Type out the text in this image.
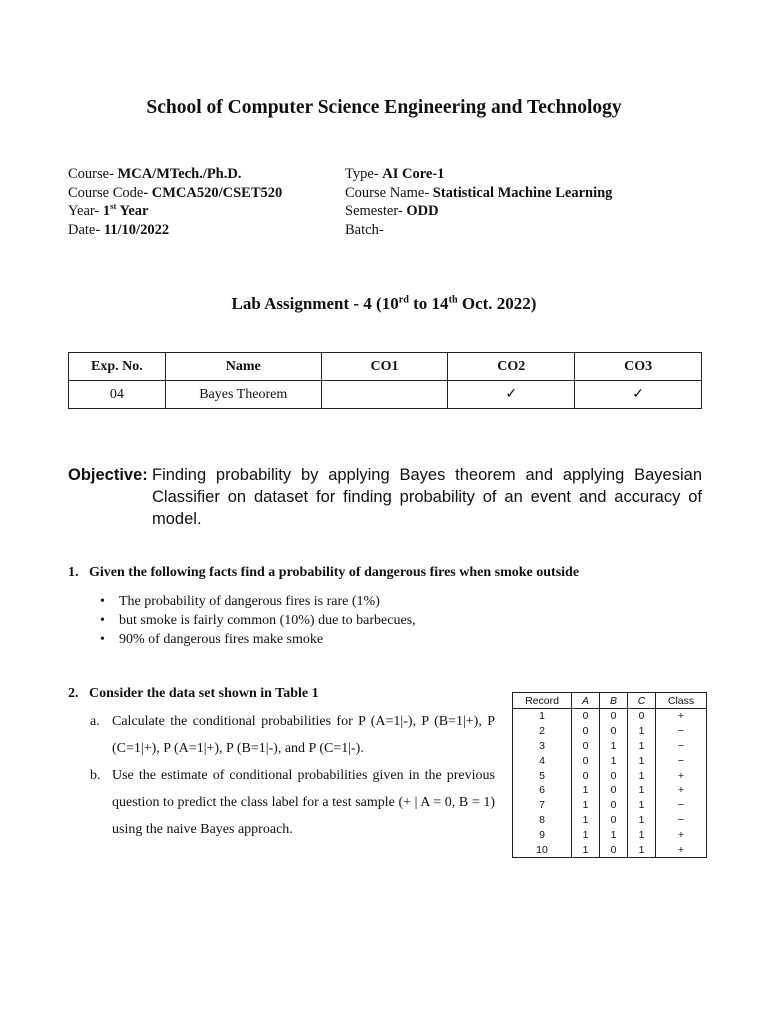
School of Computer Science Engineering and Technology
Course- MCA/MTech./Ph.D.
Course Code- CMCA520/CSET520
Year- 1st Year
Date- 11/10/2022
Type- AI Core-1
Course Name- Statistical Machine Learning
Semester- ODD
Batch-
Lab Assignment - 4 (10rd to 14th Oct. 2022)
Exp. No.	Name	CO1	CO2	CO3
04	Bayes Theorem		✓	✓
Objective: Finding probability by applying Bayes theorem and applying Bayesian Classifier on dataset for finding probability of an event and accuracy of model.
1.   Given the following facts find a probability of dangerous fires when smoke outside
• The probability of dangerous fires is rare (1%)
• but smoke is fairly common (10%) due to barbecues,
• 90% of dangerous fires make smoke
2.   Consider the data set shown in Table 1
a. Calculate the conditional probabilities for P (A=1|-), P (B=1|+), P (C=1|+), P (A=1|+), P (B=1|-), and P (C=1|-).
b. Use the estimate of conditional probabilities given in the previous question to predict the class label for a test sample (+ | A = 0, B = 1) using the naive Bayes approach.
Record	A	B	C	Class
1	0	0	0	+
2	0	0	1	−
3	0	1	1	−
4	0	1	1	−
5	0	0	1	+
6	1	0	1	+
7	1	0	1	−
8	1	0	1	−
9	1	1	1	+
10	1	0	1	+
